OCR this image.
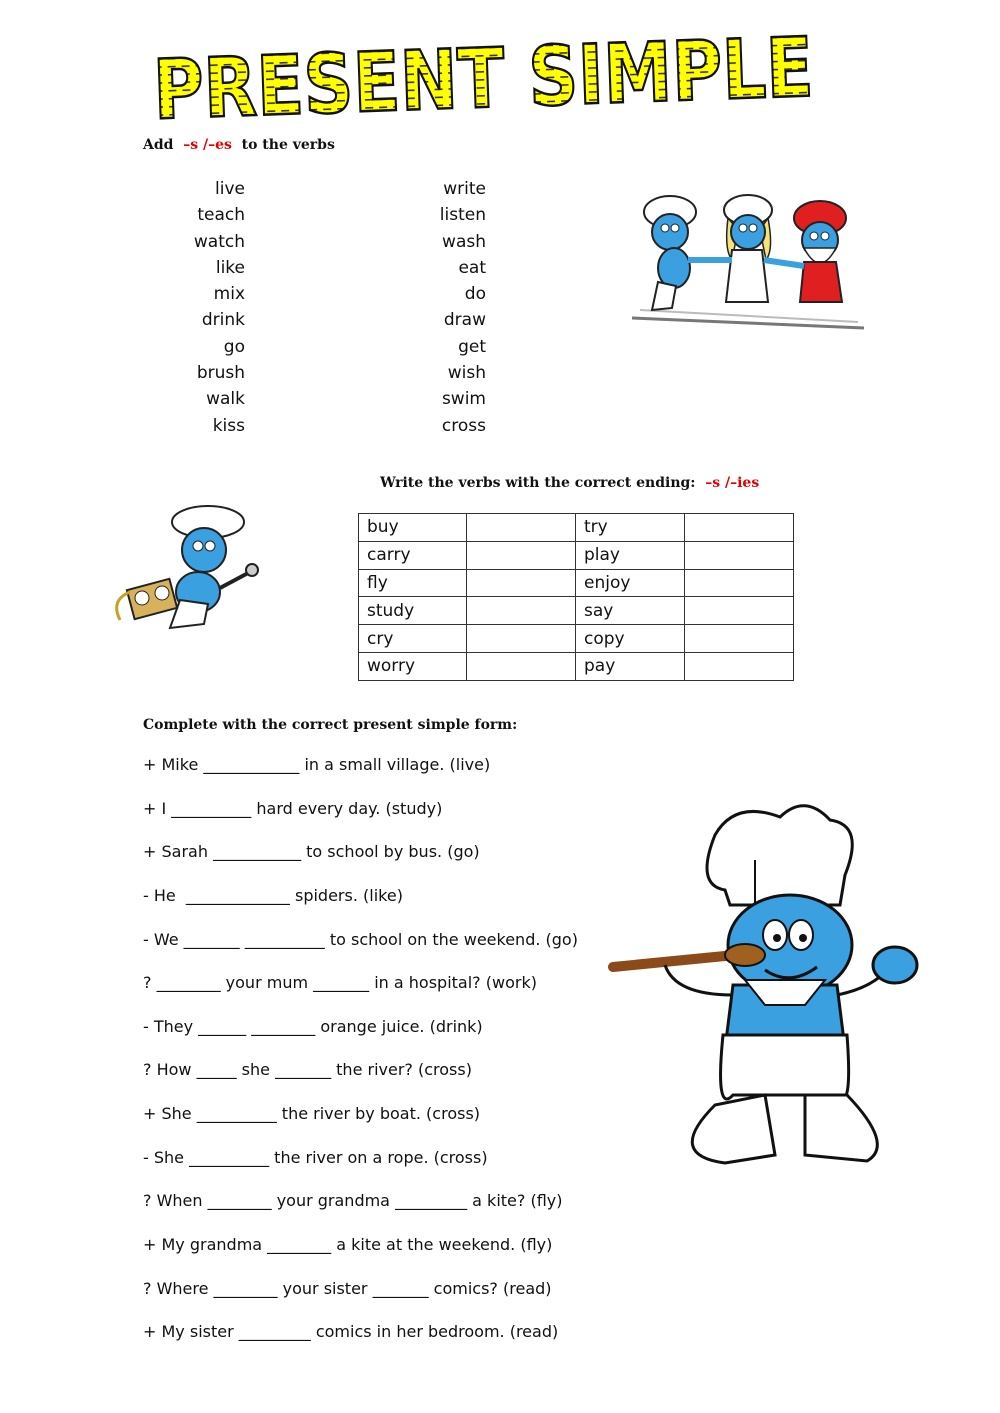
PRESENT SIMPLE
Add –s /–es to the verbs
live
teach
watch
like
mix
drink
go
brush
walk
kiss
write
listen
wash
eat
do
draw
get
wish
swim
cross
Write the verbs with the correct ending: –s /–ies
buy		try	
carry		play	
fly		enjoy	
study		say	
cry		copy	
worry		pay	
Complete with the correct present simple form:
+ Mike ____________ in a small village. (live)
+ I __________ hard every day. (study)
+ Sarah ___________ to school by bus. (go)
- He  _____________ spiders. (like)
- We _______ __________ to school on the weekend. (go)
? ________ your mum _______ in a hospital? (work)
- They ______ ________ orange juice. (drink)
? How _____ she _______ the river? (cross)
+ She __________ the river by boat. (cross)
- She __________ the river on a rope. (cross)
? When ________ your grandma _________ a kite? (fly)
+ My grandma ________ a kite at the weekend. (fly)
? Where ________ your sister _______ comics? (read)
+ My sister _________ comics in her bedroom. (read)
